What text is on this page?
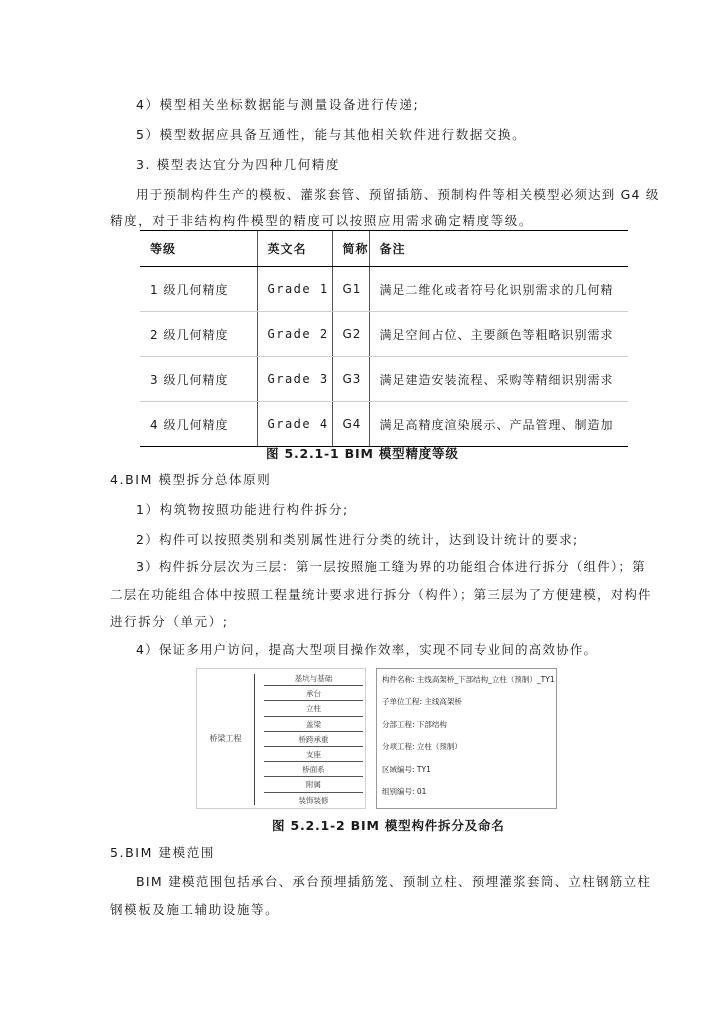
4）模型相关坐标数据能与测量设备进行传递;
5）模型数据应具备互通性，能与其他相关软件进行数据交换。
3. 模型表达宜分为四种几何精度
用于预制构件生产的模板、灌浆套管、预留插筋、预制构件等相关模型必须达到 G4 级
精度，对于非结构构件模型的精度可以按照应用需求确定精度等级。
等级	英文名	简称	备注
1 级几何精度	Grade 1	G1	满足二维化或者符号化识别需求的几何精
2 级几何精度	Grade 2	G2	满足空间占位、主要颜色等粗略识别需求
3 级几何精度	Grade 3	G3	满足建造安装流程、采购等精细识别需求
4 级几何精度	Grade 4	G4	满足高精度渲染展示、产品管理、制造加
图 5.2.1-1 BIM 模型精度等级
4.BIM 模型拆分总体原则
1）构筑物按照功能进行构件拆分;
2）构件可以按照类别和类别属性进行分类的统计，达到设计统计的要求;
3）构件拆分层次为三层：第一层按照施工缝为界的功能组合体进行拆分（组件）；第
二层在功能组合体中按照工程量统计要求进行拆分（构件）；第三层为了方便建模，对构件
进行拆分（单元）;
4）保证多用户访问，提高大型项目操作效率，实现不同专业间的高效协作。
桥梁工程
基坑与基础
承台
立柱
盖梁
桥跨承重
支座
桥面系
附属
装饰装修
构件名称: 主线高架桥_下部结构_立柱（预制）_TY1
子单位工程: 主线高架桥
分部工程: 下部结构
分项工程: 立柱（预制）
区域编号: TY1
组别编号: 01
图 5.2.1-2 BIM 模型构件拆分及命名
5.BIM 建模范围
BIM 建模范围包括承台、承台预埋插筋笼、预制立柱、预埋灌浆套筒、立柱钢筋立柱
钢模板及施工辅助设施等。
